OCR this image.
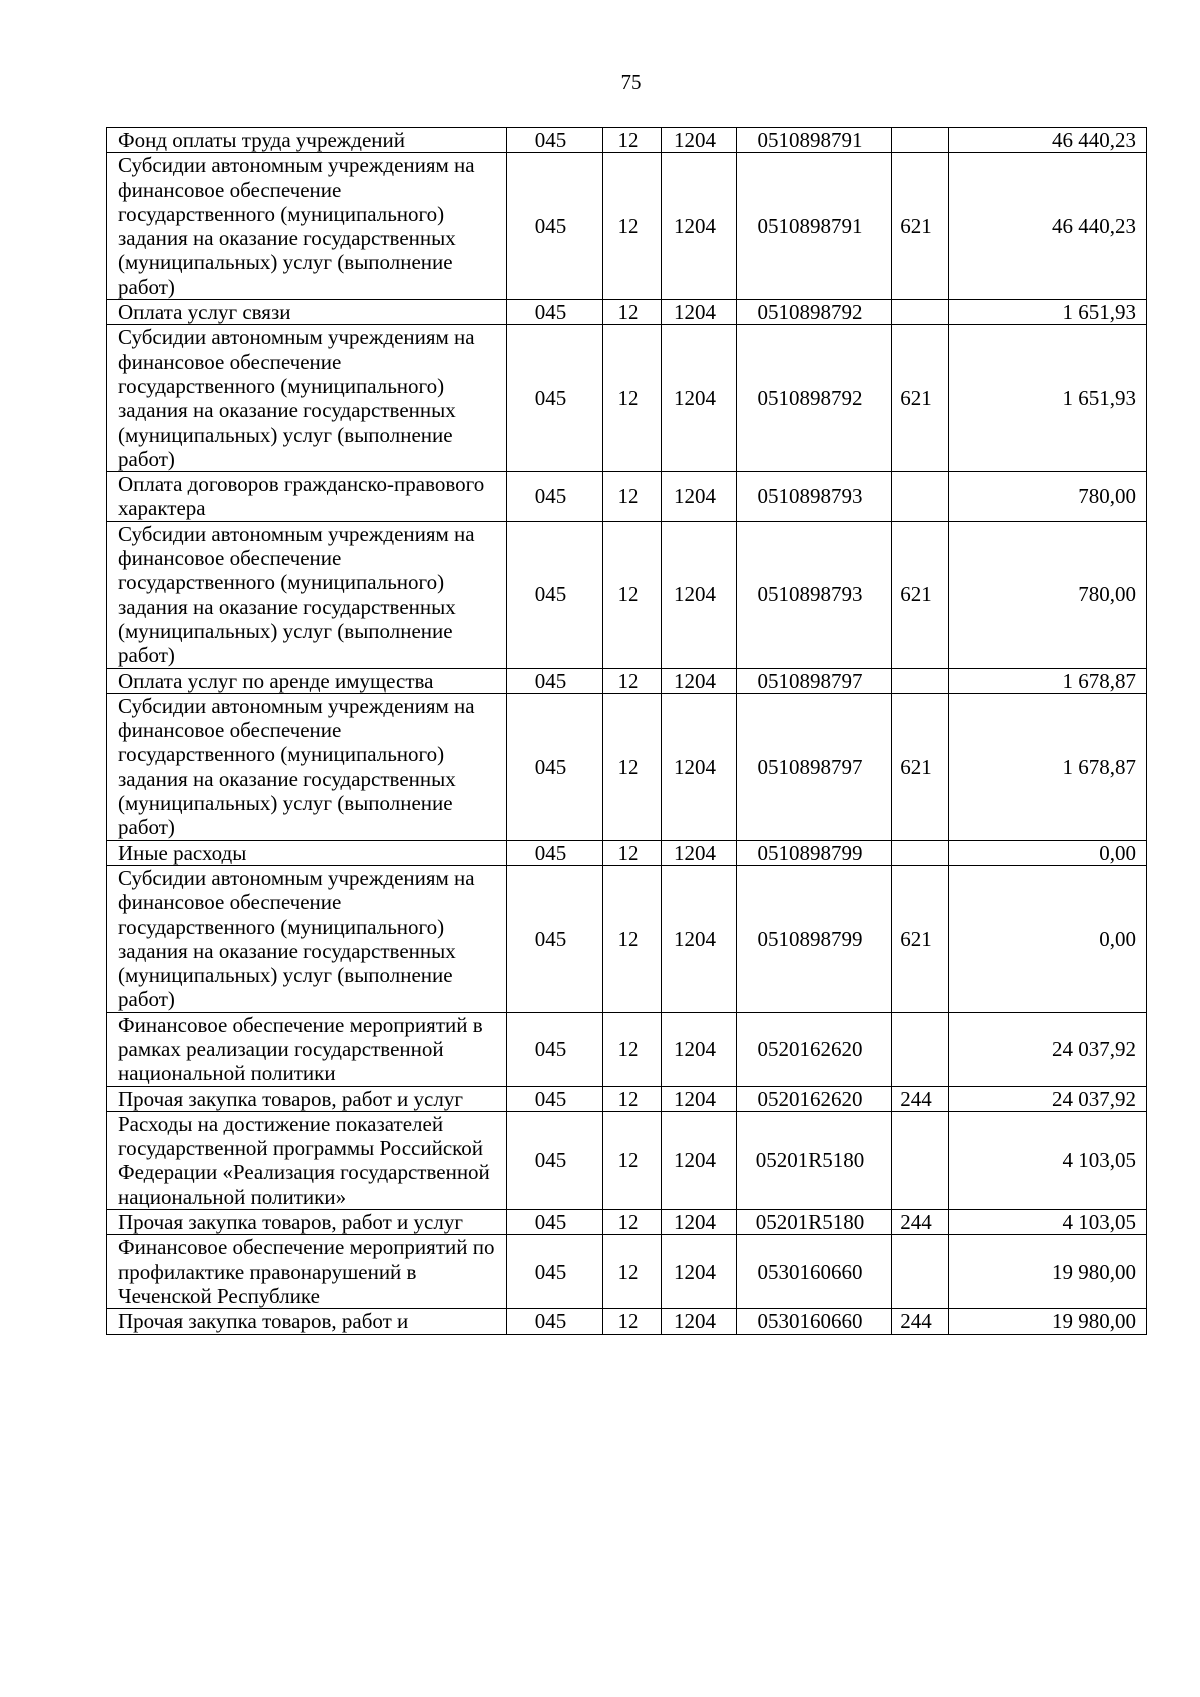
75
Фонд оплаты труда учреждений	045	12	1204	0510898791		46 440,23
Субсидии автономным учреждениям на финансовое обеспечение государственного (муниципального) задания на оказание государственных (муниципальных) услуг (выполнение работ)	045	12	1204	0510898791	621	46 440,23
Оплата услуг связи	045	12	1204	0510898792		1 651,93
Субсидии автономным учреждениям на финансовое обеспечение государственного (муниципального) задания на оказание государственных (муниципальных) услуг (выполнение работ)	045	12	1204	0510898792	621	1 651,93
Оплата договоров гражданско-правового характера	045	12	1204	0510898793		780,00
Субсидии автономным учреждениям на финансовое обеспечение государственного (муниципального) задания на оказание государственных (муниципальных) услуг (выполнение работ)	045	12	1204	0510898793	621	780,00
Оплата услуг по аренде имущества	045	12	1204	0510898797		1 678,87
Субсидии автономным учреждениям на финансовое обеспечение государственного (муниципального) задания на оказание государственных (муниципальных) услуг (выполнение работ)	045	12	1204	0510898797	621	1 678,87
Иные расходы	045	12	1204	0510898799		0,00
Субсидии автономным учреждениям на финансовое обеспечение государственного (муниципального) задания на оказание государственных (муниципальных) услуг (выполнение работ)	045	12	1204	0510898799	621	0,00
Финансовое обеспечение мероприятий в рамках реализации государственной национальной политики	045	12	1204	0520162620		24 037,92
Прочая закупка товаров, работ и услуг	045	12	1204	0520162620	244	24 037,92
Расходы на достижение показателей государственной программы Российской Федерации «Реализация государственной национальной политики»	045	12	1204	05201R5180		4 103,05
Прочая закупка товаров, работ и услуг	045	12	1204	05201R5180	244	4 103,05
Финансовое обеспечение мероприятий по профилактике правонарушений в Чеченской Республике	045	12	1204	0530160660		19 980,00
Прочая закупка товаров, работ и	045	12	1204	0530160660	244	19 980,00
